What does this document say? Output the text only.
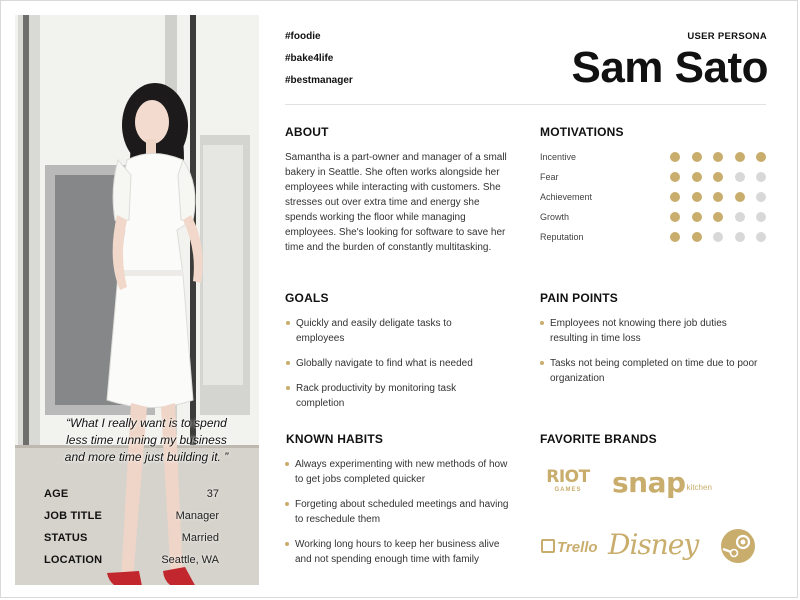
“What I really want is to spend less time running my business and more time just building it. ”
AGE	37
JOB TITLE	Manager
STATUS	Married
LOCATION	Seattle, WA
#foodie
#bake4life
#bestmanager
USER PERSONA
Sam Sato
ABOUT
Samantha is a part-owner and manager of a small bakery in Seattle. She often works alongside her employees while interacting with customers. She stresses out over extra time and energy she spends working the floor while managing employees. She's looking for software to save her time and the burden of constantly multitasking.
MOTIVATIONS
Incentive
Fear
Achievement
Growth
Reputation
GOALS
Quickly and easily deligate tasks to employees
Globally navigate to find what is needed
Rack productivity by monitoring task completion
PAIN POINTS
Employees not knowing there job duties resulting in time loss
Tasks not being completed on time due to poor organization
KNOWN HABITS
Always experimenting with new methods of how to get jobs completed quicker
Forgeting about scheduled meetings and having to reschedule them
Working long hours to keep her business alive and not spending enough time with family
FAVORITE BRANDS
RIOT
GAMES	snapkitchen
Trello Disney
